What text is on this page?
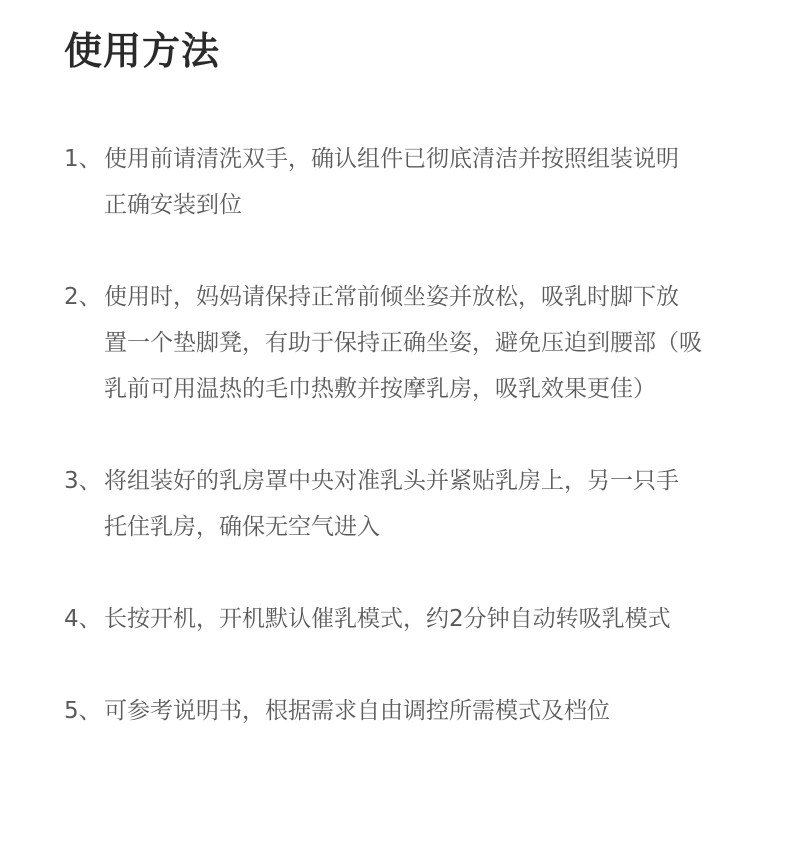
使用方法
1、 使用前请清洗双手，确认组件已彻底清洁并按照组装说明
正确安装到位
2、 使用时，妈妈请保持正常前倾坐姿并放松，吸乳时脚下放
置一个垫脚凳，有助于保持正确坐姿，避免压迫到腰部（吸
乳前可用温热的毛巾热敷并按摩乳房，吸乳效果更佳）
3、 将组装好的乳房罩中央对准乳头并紧贴乳房上，另一只手
托住乳房，确保无空气进入
4、 长按开机，开机默认催乳模式，约2分钟自动转吸乳模式
5、 可参考说明书，根据需求自由调控所需模式及档位
